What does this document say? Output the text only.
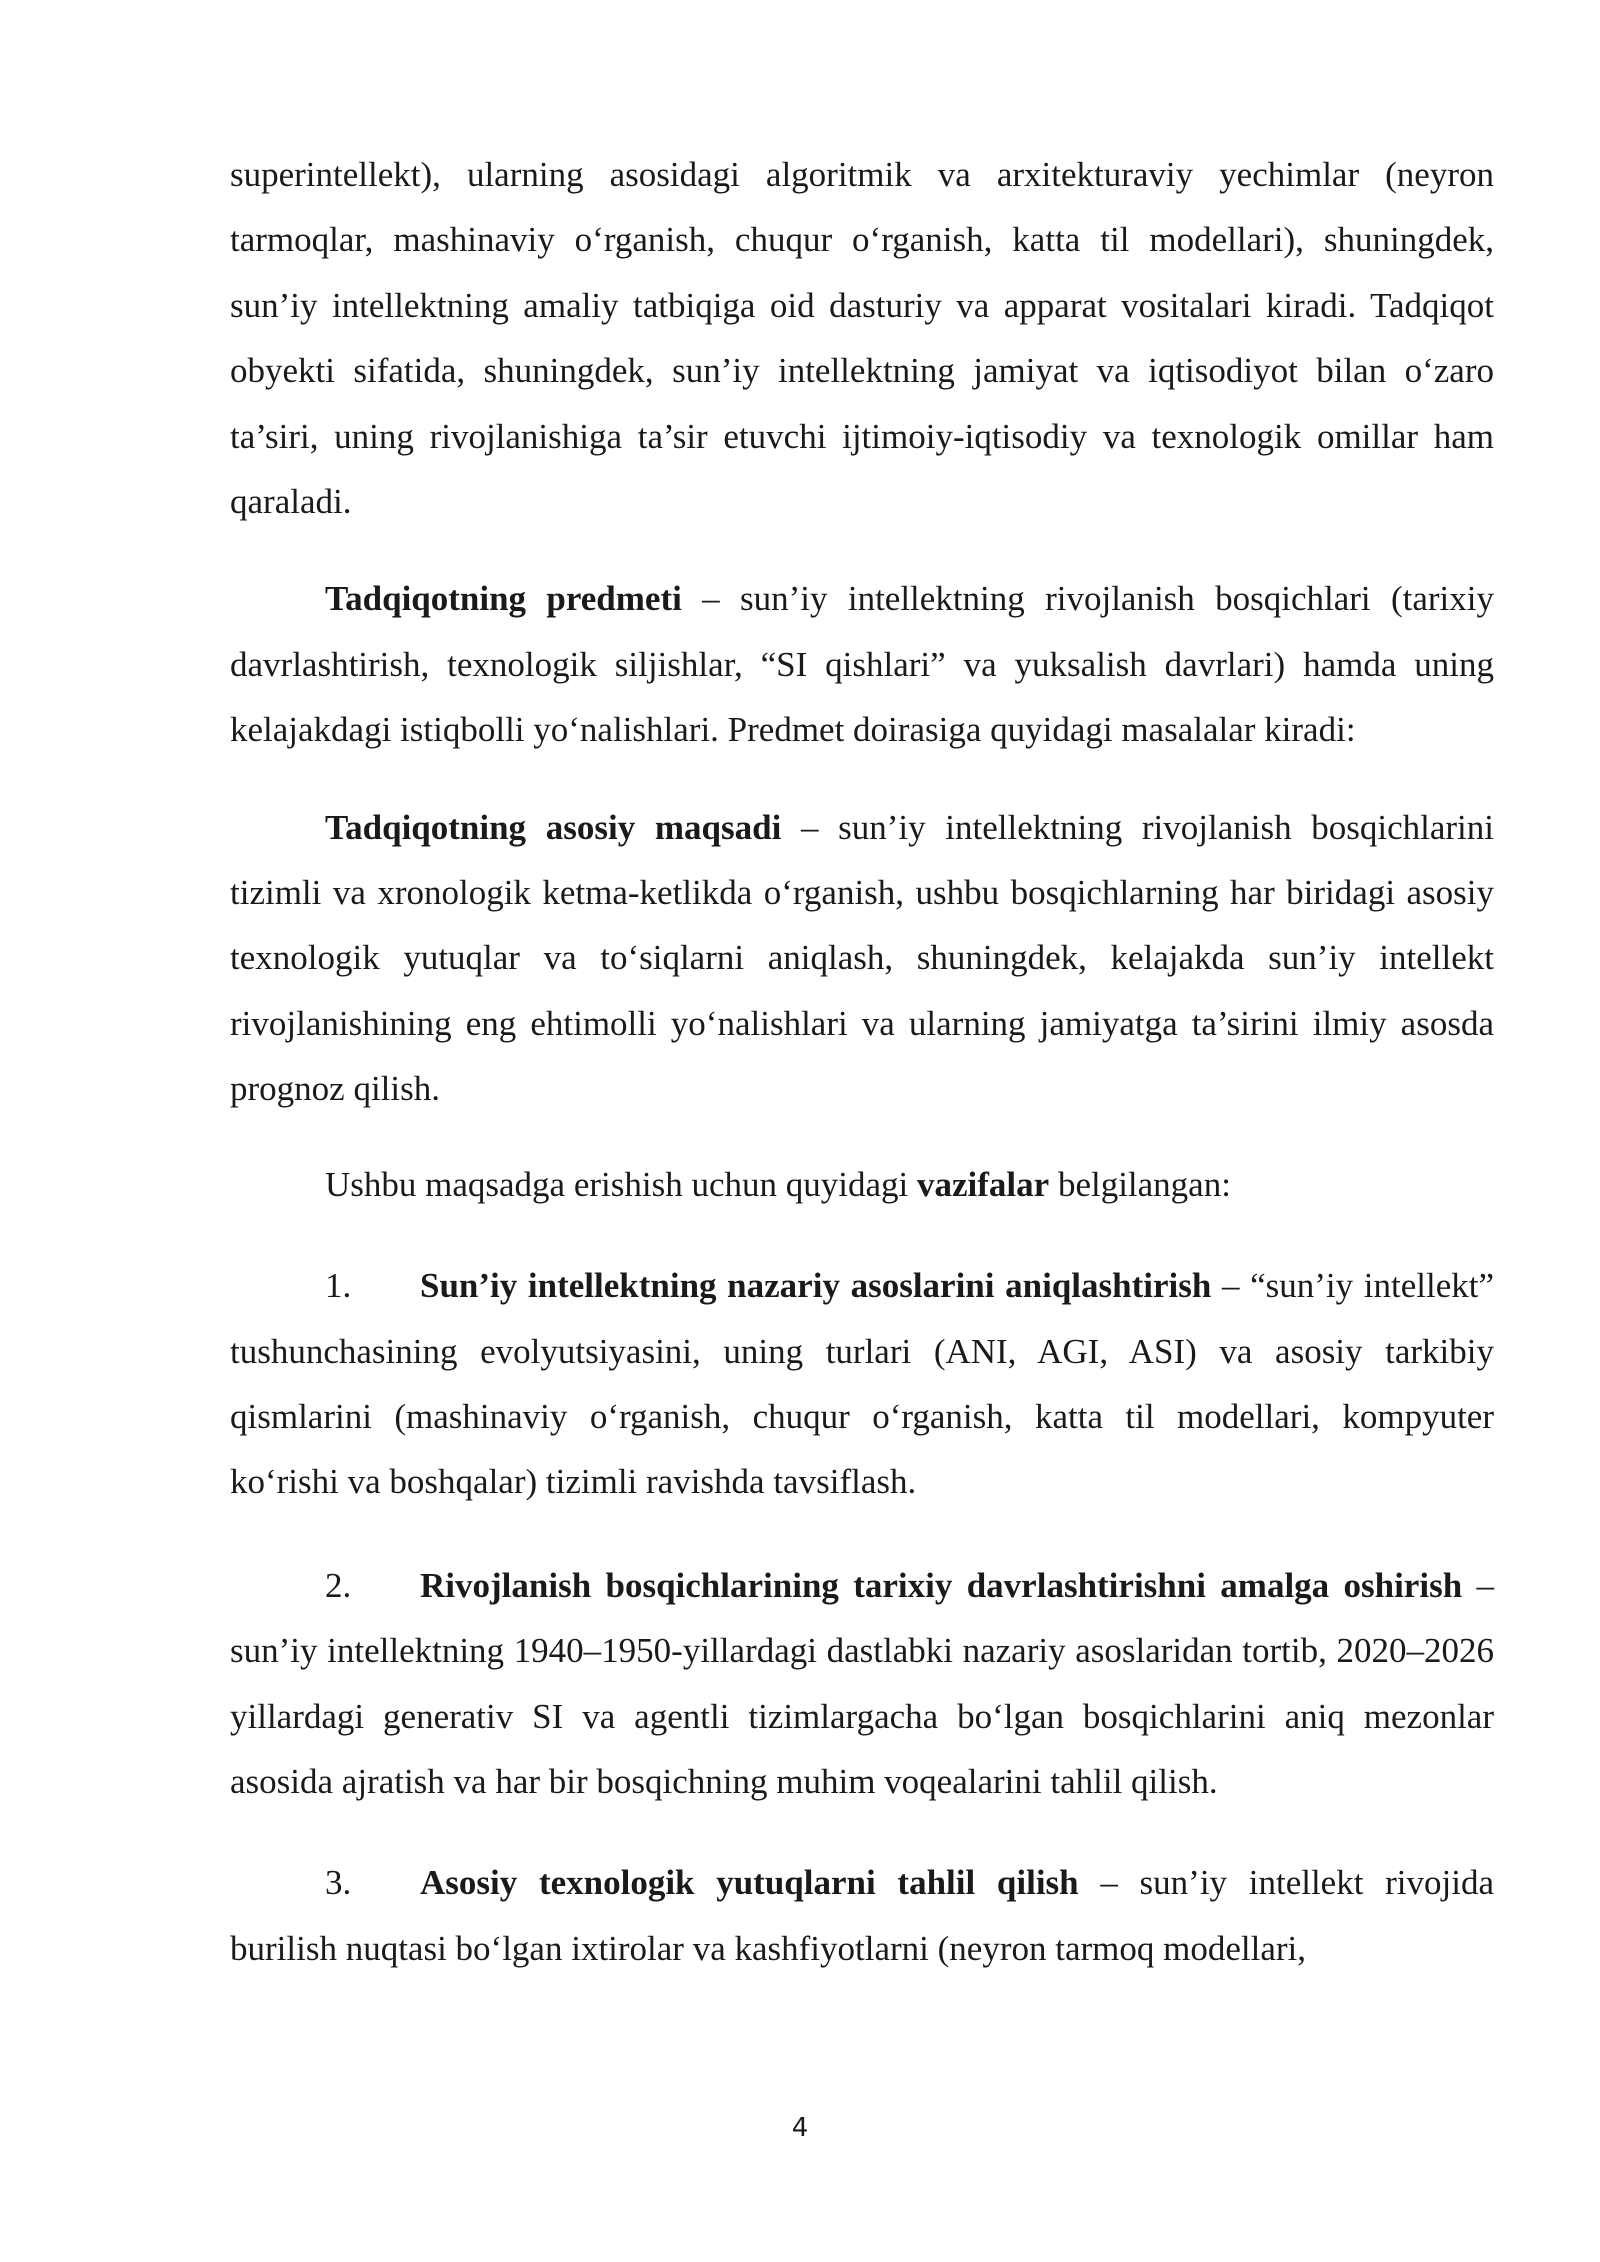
superintellekt), ularning asosidagi algoritmik va arxitekturaviy yechimlar (neyron tarmoqlar, mashinaviy o‘rganish, chuqur o‘rganish, katta til modellari), shuningdek, sun’iy intellektning amaliy tatbiqiga oid dasturiy va apparat vositalari kiradi. Tadqiqot obyekti sifatida, shuningdek, sun’iy intellektning jamiyat va iqtisodiyot bilan o‘zaro ta’siri, uning rivojlanishiga ta’sir etuvchi ijtimoiy-iqtisodiy va texnologik omillar ham qaraladi.

Tadqiqotning predmeti – sun’iy intellektning rivojlanish bosqichlari (tarixiy davrlashtirish, texnologik siljishlar, “SI qishlari” va yuksalish davrlari) hamda uning kelajakdagi istiqbolli yo‘nalishlari. Predmet doirasiga quyidagi masalalar kiradi:

Tadqiqotning asosiy maqsadi – sun’iy intellektning rivojlanish bosqichlarini tizimli va xronologik ketma-ketlikda o‘rganish, ushbu bosqichlarning har biridagi asosiy texnologik yutuqlar va to‘siqlarni aniqlash, shuningdek, kelajakda sun’iy intellekt rivojlanishining eng ehtimolli yo‘nalishlari va ularning jamiyatga ta’sirini ilmiy asosda prognoz qilish.

Ushbu maqsadga erishish uchun quyidagi vazifalar belgilangan:

1. Sun’iy intellektning nazariy asoslarini aniqlashtirish – “sun’iy intellekt” tushunchasining evolyutsiyasini, uning turlari (ANI, AGI, ASI) va asosiy tarkibiy qismlarini (mashinaviy o‘rganish, chuqur o‘rganish, katta til modellari, kompyuter ko‘rishi va boshqalar) tizimli ravishda tavsiflash.

2. Rivojlanish bosqichlarining tarixiy davrlashtirishni amalga oshirish – sun’iy intellektning 1940–1950-yillardagi dastlabki nazariy asoslaridan tortib, 2020–2026 yillardagi generativ SI va agentli tizimlargacha bo‘lgan bosqichlarini aniq mezonlar asosida ajratish va har bir bosqichning muhim voqealarini tahlil qilish.

3. Asosiy texnologik yutuqlarni tahlil qilish – sun’iy intellekt rivojida burilish nuqtasi bo‘lgan ixtirolar va kashfiyotlarni (neyron tarmoq modellari,

4
